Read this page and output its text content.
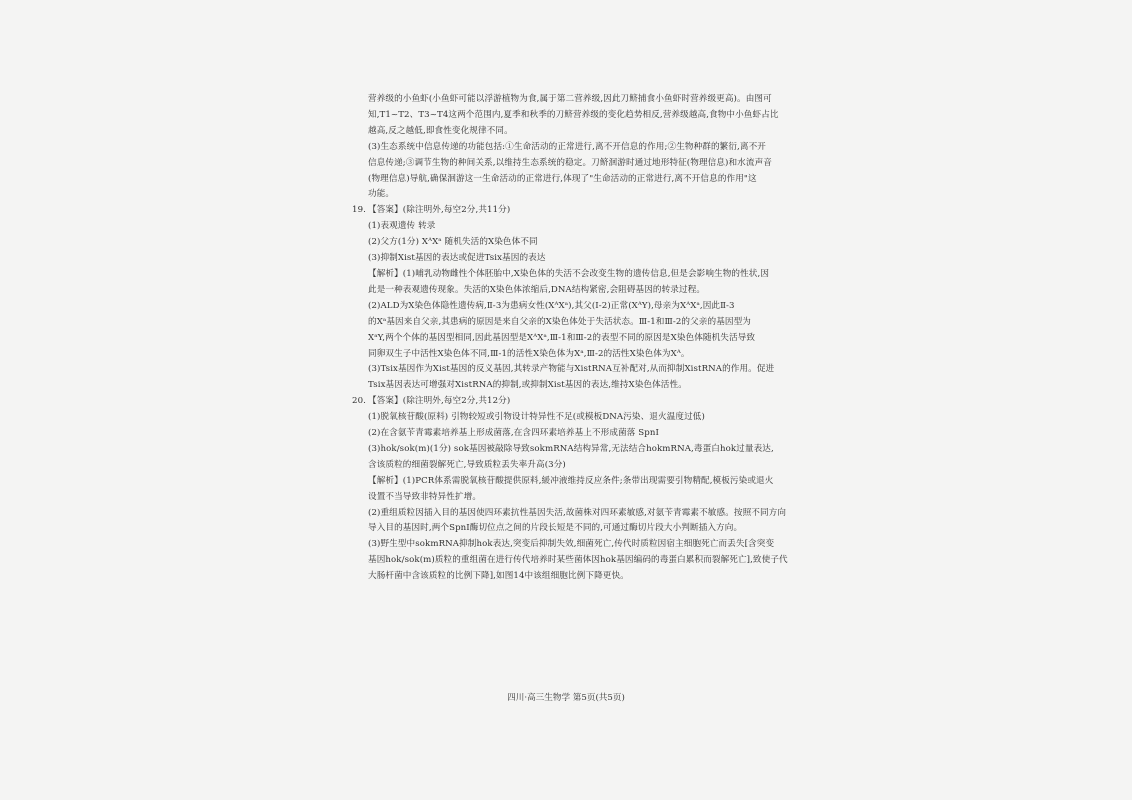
营养级的小鱼虾(小鱼虾可能以浮游植物为食,属于第二营养级,因此刀鲚捕食小鱼虾时营养级更高)。由图可
知,T1~T2、T3~T4这两个范围内,夏季和秋季的刀鲚营养级的变化趋势相反,营养级越高,食物中小鱼虾占比
越高,反之越低,即食性变化规律不同。
(3)生态系统中信息传递的功能包括:①生命活动的正常进行,离不开信息的作用;②生物种群的繁衍,离不开
信息传递;③调节生物的种间关系,以维持生态系统的稳定。刀鲚洄游时通过地形特征(物理信息)和水流声音
(物理信息)导航,确保洄游这一生命活动的正常进行,体现了"生命活动的正常进行,离不开信息的作用"这
功能。
19. 【答案】(除注明外,每空2分,共11分)
(1)表观遗传 转录
(2)父方(1分) XᴬXᵃ 随机失活的X染色体不同
(3)抑制Xist基因的表达或促进Tsix基因的表达
【解析】(1)哺乳动物雌性个体胚胎中,X染色体的失活不会改变生物的遗传信息,但是会影响生物的性状,因
此是一种表观遗传现象。失活的X染色体浓缩后,DNA结构紧密,会阻碍基因的转录过程。
(2)ALD为X染色体隐性遗传病,Ⅱ-3为患病女性(XᴬXᵃ),其父(Ⅰ-2)正常(XᴬY),母亲为XᴬXᵃ,因此Ⅱ-3
的Xᵃ基因来自父亲,其患病的原因是来自父亲的X染色体处于失活状态。Ⅲ-1和Ⅲ-2的父亲的基因型为
XᵃY,两个个体的基因型相同,因此基因型是XᴬXᵃ,Ⅲ-1和Ⅲ-2的表型不同的原因是X染色体随机失活导致
同卵双生子中活性X染色体不同,Ⅲ-1的活性X染色体为Xᵃ,Ⅲ-2的活性X染色体为Xᴬ。
(3)Tsix基因作为Xist基因的反义基因,其转录产物能与XistRNA互补配对,从而抑制XistRNA的作用。促进
Tsix基因表达可增强对XistRNA的抑制,或抑制Xist基因的表达,维持X染色体活性。
20. 【答案】(除注明外,每空2分,共12分)
(1)脱氧核苷酸(原料) 引物较短或引物设计特异性不足(或模板DNA污染、退火温度过低)
(2)在含氨苄青霉素培养基上形成菌落,在含四环素培养基上不形成菌落 SpnⅠ
(3)hok/sok(m)(1分) sok基因被敲除导致sokmRNA结构异常,无法结合hokmRNA,毒蛋白hok过量表达,
含该质粒的细菌裂解死亡,导致质粒丢失率升高(3分)
【解析】(1)PCR体系需脱氧核苷酸提供原料,緩冲液维持反应条件;条带出现需要引物精配,模板污染或退火
设置不当导致非特异性扩增。
(2)重组质粒因插入目的基因使四环素抗性基因失活,故菌株对四环素敏感,对氨苄青霉素不敏感。按照不同方向
导入目的基因时,两个SpnⅠ酶切位点之间的片段长短是不同的,可通过酶切片段大小判断插入方向。
(3)野生型中sokmRNA抑制hok表达,突变后抑制失效,细菌死亡,传代时质粒因宿主细胞死亡而丢失[含突变
基因hok/sok(m)质粒的重组菌在进行传代培养时某些菌体因hok基因编码的毒蛋白累积而裂解死亡],致使子代
大肠杆菌中含该质粒的比例下降],如图14中该组细胞比例下降更快。
四川·高三生物学 第5页(共5页)
